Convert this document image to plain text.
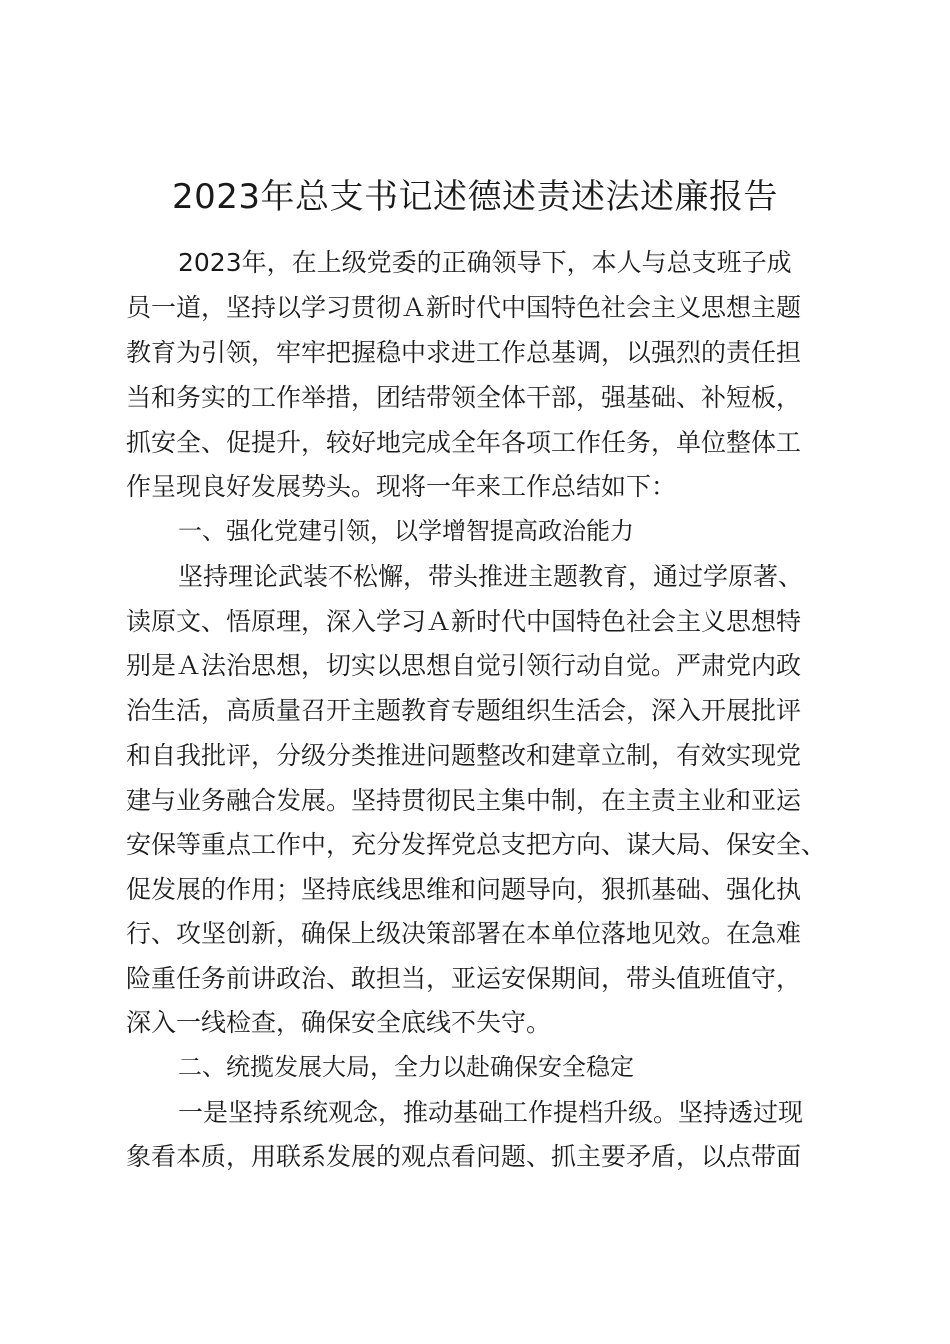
2023年总支书记述德述责述法述廉报告
2023年，在上级党委的正确领导下，本人与总支班子成
员一道，坚持以学习贯彻Ａ新时代中国特色社会主义思想主题
教育为引领，牢牢把握稳中求进工作总基调，以强烈的责任担
当和务实的工作举措，团结带领全体干部，强基础、补短板，
抓安全、促提升，较好地完成全年各项工作任务，单位整体工
作呈现良好发展势头。现将一年来工作总结如下：
一、强化党建引领，以学增智提高政治能力
坚持理论武装不松懈，带头推进主题教育，通过学原著、
读原文、悟原理，深入学习Ａ新时代中国特色社会主义思想特
别是Ａ法治思想，切实以思想自觉引领行动自觉。严肃党内政
治生活，高质量召开主题教育专题组织生活会，深入开展批评
和自我批评，分级分类推进问题整改和建章立制，有效实现党
建与业务融合发展。坚持贯彻民主集中制，在主责主业和亚运
安保等重点工作中，充分发挥党总支把方向、谋大局、保安全、
促发展的作用；坚持底线思维和问题导向，狠抓基础、强化执
行、攻坚创新，确保上级决策部署在本单位落地见效。在急难
险重任务前讲政治、敢担当，亚运安保期间，带头值班值守，
深入一线检查，确保安全底线不失守。
二、统揽发展大局，全力以赴确保安全稳定
一是坚持系统观念，推动基础工作提档升级。坚持透过现
象看本质，用联系发展的观点看问题、抓主要矛盾，以点带面
